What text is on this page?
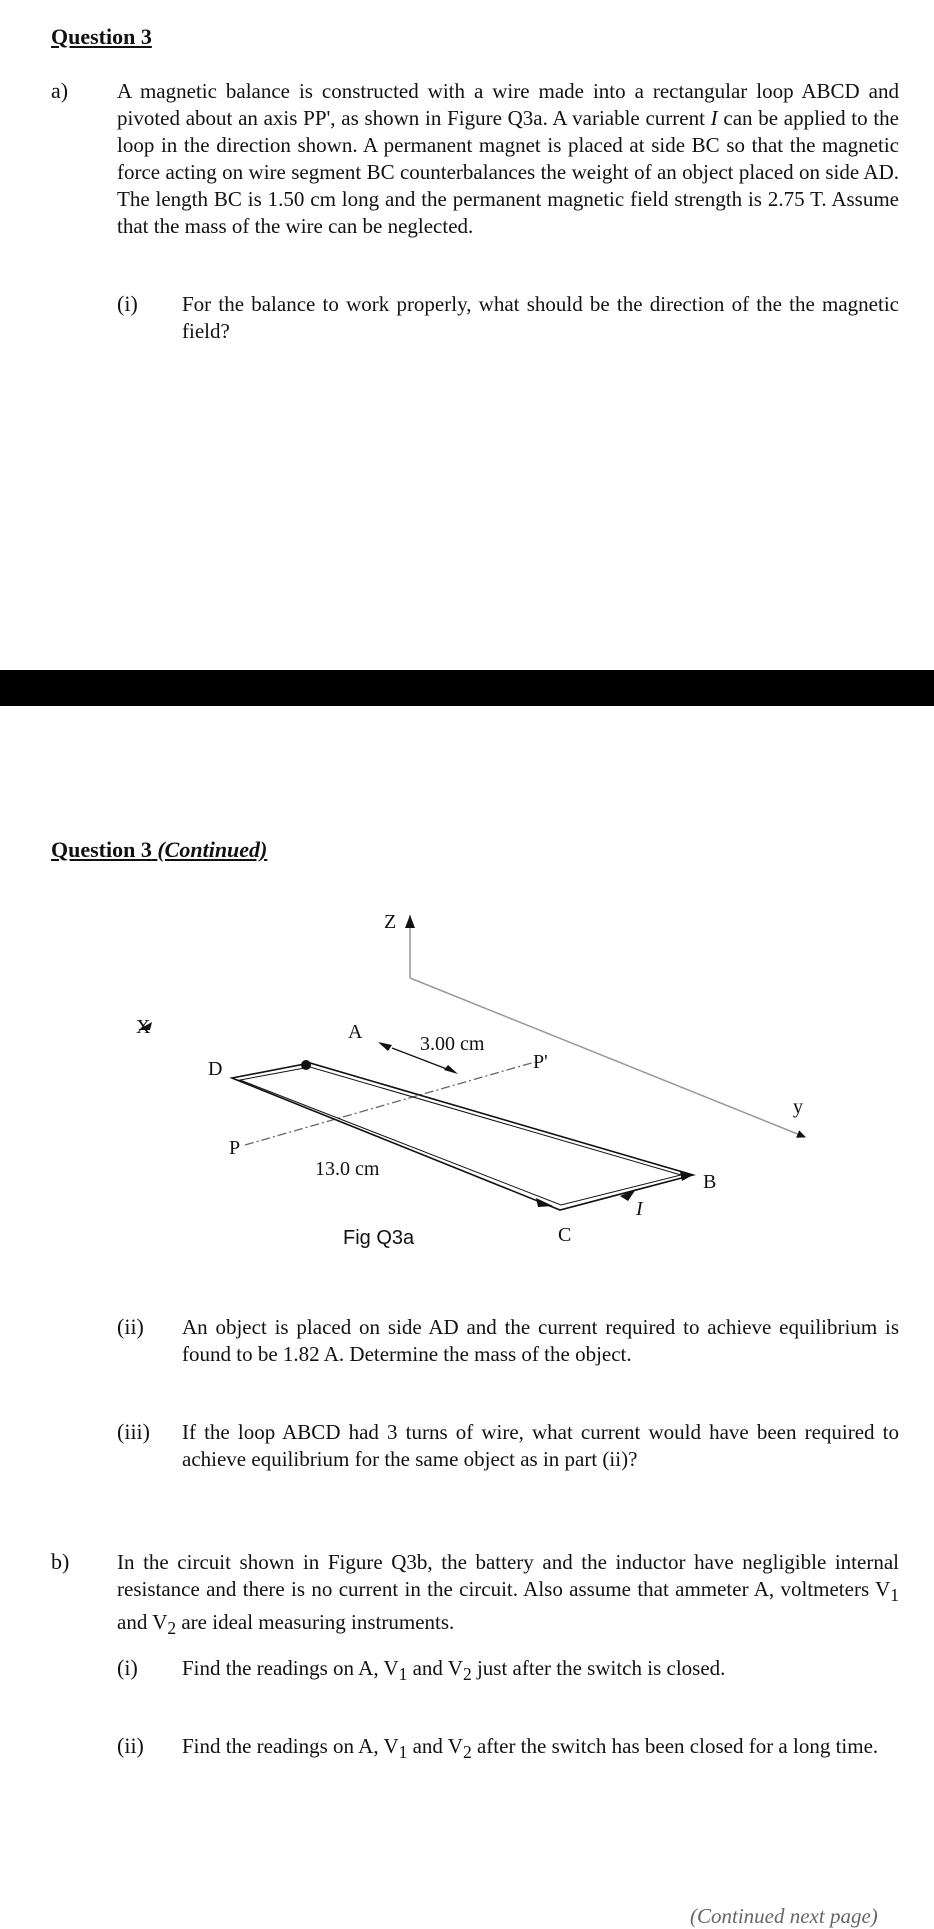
Question 3
a) A magnetic balance is constructed with a wire made into a rectangular loop ABCD and pivoted about an axis PP', as shown in Figure Q3a. A variable current I can be applied to the loop in the direction shown. A permanent magnet is placed at side BC so that the magnetic force acting on wire segment BC counterbalances the weight of an object placed on side AD. The length BC is 1.50 cm long and the permanent magnetic field strength is 2.75 T. Assume that the mass of the wire can be neglected.
(i) For the balance to work properly, what should be the direction of the the magnetic field?
Question 3 (Continued)
Z
y
X	A
D
P
P'
B
C
I
3.00 cm
13.0 cm
Fig Q3a
(ii) An object is placed on side AD and the current required to achieve equilibrium is found to be 1.82 A. Determine the mass of the object.
(iii) If the loop ABCD had 3 turns of wire, what current would have been required to achieve equilibrium for the same object as in part (ii)?
b) In the circuit shown in Figure Q3b, the battery and the inductor have negligible internal resistance and there is no current in the circuit. Also assume that ammeter A, voltmeters $V_1$ and $V_2$ are ideal measuring instruments.
(i) Find the readings on A, $V_1$ and $V_2$ just after the switch is closed.
(ii) Find the readings on A, $V_1$ and $V_2$ after the switch has been closed for a long time.
(Continued next page)
